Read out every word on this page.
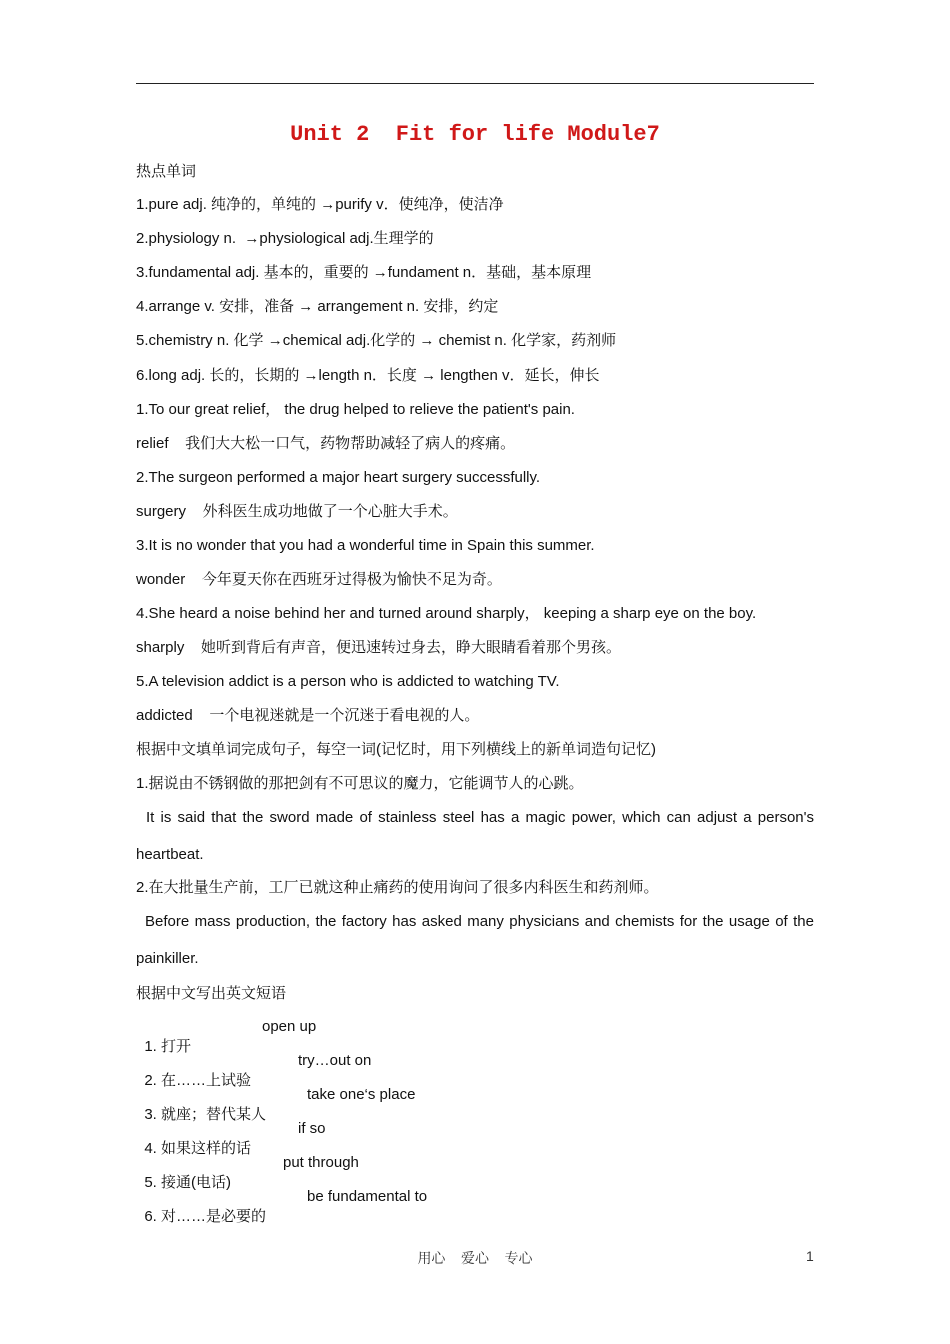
Unit 2  Fit for life Module7
热点单词
1.pure adj. 纯净的，单纯的 →purify v．使纯净，使洁净
2.physiology n.  →physiological adj.生理学的
3.fundamental adj. 基本的，重要的 →fundament n．基础，基本原理
4.arrange v. 安排，准备 → arrangement n. 安排，约定
5.chemistry n. 化学 →chemical adj.化学的 → chemist n. 化学家，药剂师
6.long adj. 长的，长期的 →length n．长度 → lengthen v．延长，伸长
1.To our great relief， the drug helped to relieve the patient's pain.
relief    我们大大松一口气，药物帮助减轻了病人的疼痛。
2.The surgeon performed a major heart surgery successfully.
surgery    外科医生成功地做了一个心脏大手术。
3.It is no wonder that you had a wonderful time in Spain this summer.
wonder    今年夏天你在西班牙过得极为愉快不足为奇。
4.She heard a noise behind her and turned around sharply， keeping a sharp eye on the boy.
sharply    她听到背后有声音，便迅速转过身去，睁大眼睛看着那个男孩。
5.A television addict is a person who is addicted to watching TV.
addicted    一个电视迷就是一个沉迷于看电视的人。
根据中文填单词完成句子，每空一词(记忆时，用下列横线上的新单词造句记忆)
1.据说由不锈钢做的那把剑有不可思议的魔力，它能调节人的心跳。
It is said that the sword made of stainless steel has a magic power, which can adjust a person's
heartbeat.
2.在大批量生产前，工厂已就这种止痛药的使用询问了很多内科医生和药剂师。
Before mass production, the factory has asked many physicians and chemists for the usage of the
painkiller.
根据中文写出英文短语

1. 打开

open up

2. 在……上试验

try…out on

3. 就座；替代某人

take one‘s place

4. 如果这样的话

if so

5. 接通(电话)

put through

6. 对……是必要的

be fundamental to

用心    爱心    专心	1
